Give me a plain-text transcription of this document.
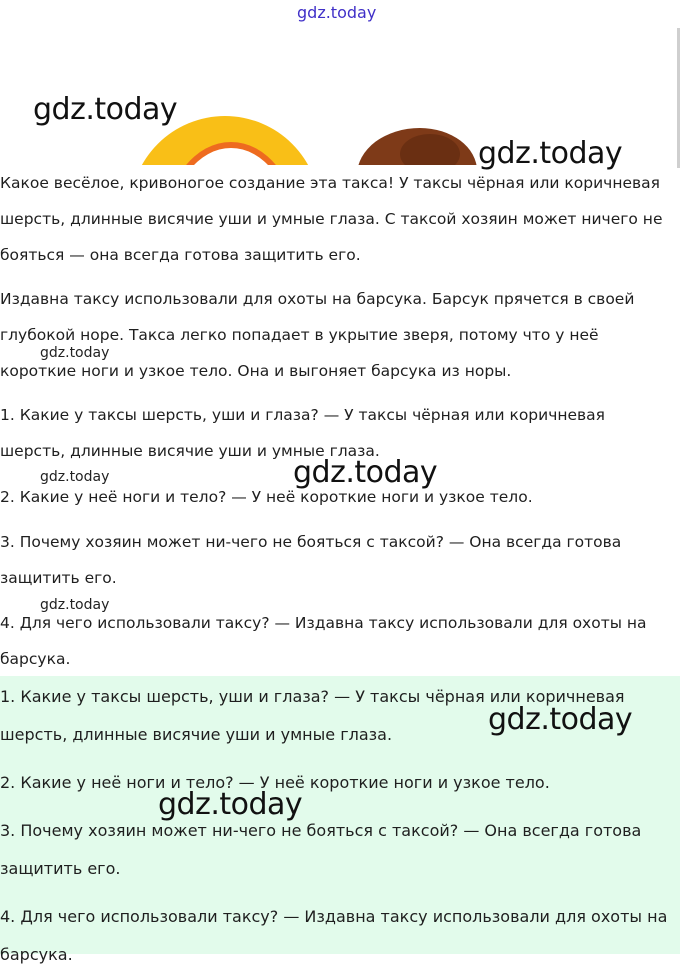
gdz.today
gdz.today
gdz.today

Какое весёлое, кривоногое создание эта такса! У таксы чёрная или коричневая шерсть, длинные висячие уши и умные глаза. С таксой хозяин может ничего не бояться — она всегда готова защитить его.

Издавна таксу использовали для охоты на барсука. Барсук прячется в своей глубокой норе. Такса легко попадает в укрытие зверя, потому что у неё короткие ноги и узкое тело. Она и выгоняет барсука из норы.

gdz.today

1. Какие у таксы шерсть, уши и глаза? — У таксы чёрная или коричневая шерсть, длинные висячие уши и умные глаза.

2. Какие у неё ноги и тело? — У неё короткие ноги и узкое тело.

3. Почему хозяин может ни-чего не бояться с таксой? — Она всегда готова защитить его.

4. Для чего использовали таксу? — Издавна таксу использовали для охоты на барсука.

gdz.today	gdz.today
gdz.today

1. Какие у таксы шерсть, уши и глаза? — У таксы чёрная или коричневая шерсть, длинные висячие уши и умные глаза.

2. Какие у неё ноги и тело? — У неё короткие ноги и узкое тело.

3. Почему хозяин может ни-чего не бояться с таксой? — Она всегда готова защитить его.

4. Для чего использовали таксу? — Издавна таксу использовали для охоты на барсука.

gdz.today
gdz.today
